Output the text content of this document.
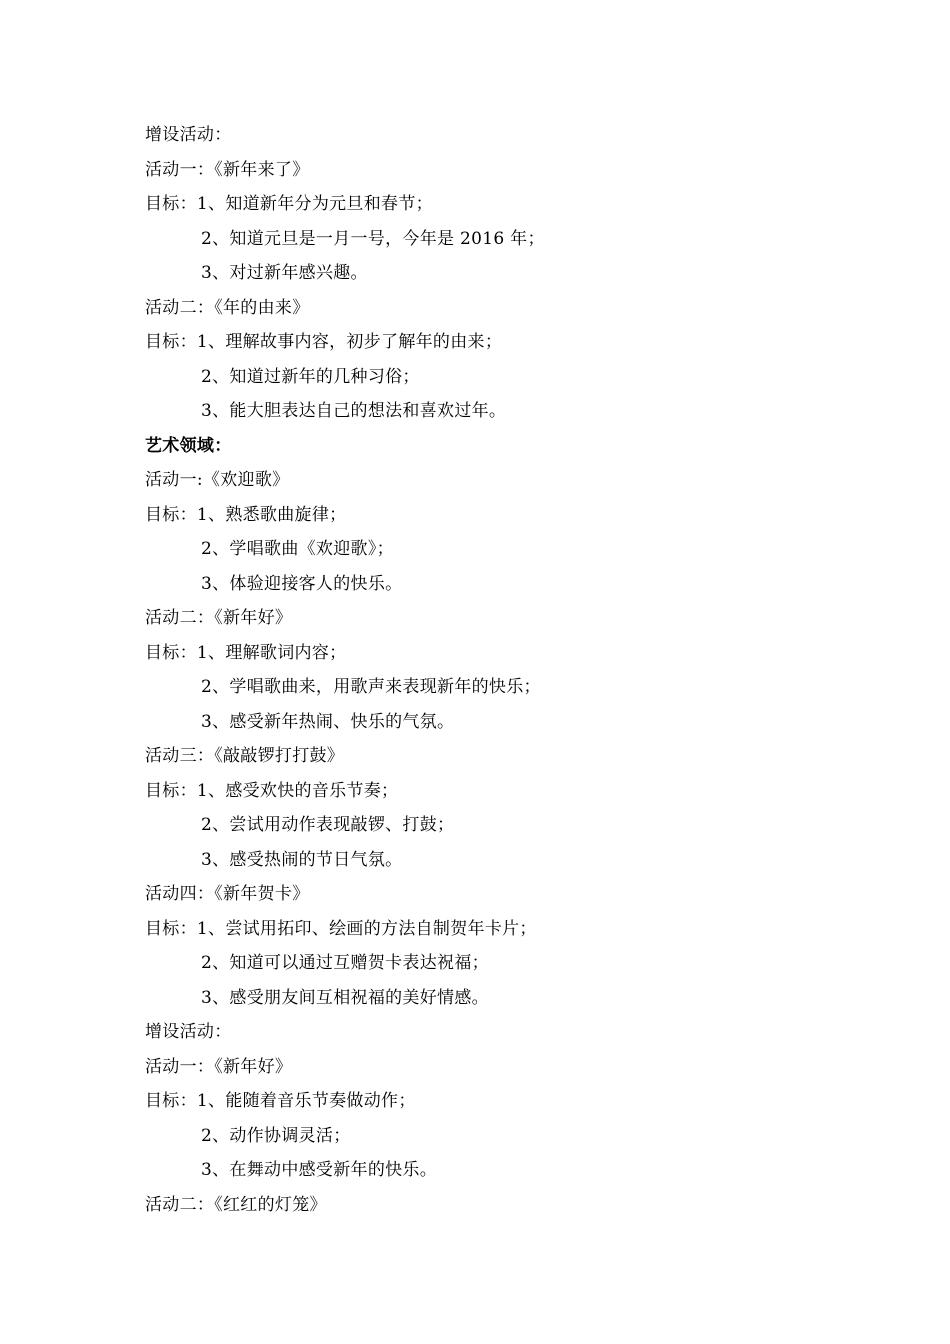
增设活动：
活动一：《新年来了》
目标：1、知道新年分为元旦和春节；
2、知道元旦是一月一号，今年是 2016 年；
3、对过新年感兴趣。
活动二：《年的由来》
目标：1、理解故事内容，初步了解年的由来；
2、知道过新年的几种习俗；
3、能大胆表达自己的想法和喜欢过年。
艺术领域：
活动一:《欢迎歌》
目标：1、熟悉歌曲旋律；
2、学唱歌曲《欢迎歌》；
3、体验迎接客人的快乐。
活动二：《新年好》
目标：1、理解歌词内容；
2、学唱歌曲来，用歌声来表现新年的快乐；
3、感受新年热闹、快乐的气氛。
活动三：《敲敲锣打打鼓》
目标：1、感受欢快的音乐节奏；
2、尝试用动作表现敲锣、打鼓；
3、感受热闹的节日气氛。
活动四：《新年贺卡》
目标：1、尝试用拓印、绘画的方法自制贺年卡片；
2、知道可以通过互赠贺卡表达祝福；
3、感受朋友间互相祝福的美好情感。
增设活动：
活动一：《新年好》
目标：1、能随着音乐节奏做动作；
2、动作协调灵活；
3、在舞动中感受新年的快乐。
活动二：《红红的灯笼》
